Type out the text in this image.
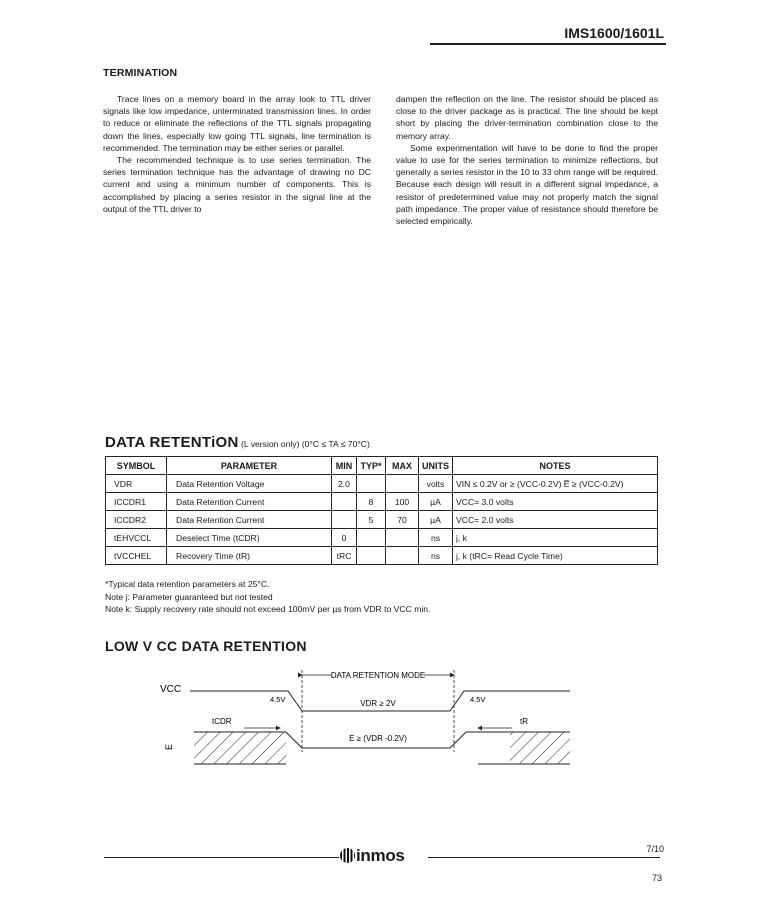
IMS1600/1601L
TERMINATION

Trace lines on a memory board in the array look to TTL driver signals like low impedance, unterminated transmission lines. In order to reduce or eliminate the reflections of the TTL signals propagating down the lines, especially low going TTL signals, line termination is recommended. The termination may be either series or parallel.

The recommended technique is to use series termination. The series termination technique has the advantage of drawing no DC current and using a minimum number of components. This is accomplished by placing a series resistor in the signal line at the output of the TTL driver to

dampen the reflection on the line. The resistor should be placed as close to the driver package as is practical. The line should be kept short by placing the driver-termination combination close to the memory array.

Some experimentation will have to be done to find the proper value to use for the series termination to minimize reflections, but generally a series resistor in the 10 to 33 ohm range will be required. Because each design will result in a different signal impedance, a resistor of predetermined value may not properly match the signal path impedance. The proper value of resistance should therefore be selected empirically.

DATA RETENTiON (L version only) (0°C ≤ TA ≤ 70°C)
SYMBOL	PARAMETER	MIN	TYP*	MAX	UNITS	NOTES
VDR	Data Retention Voltage	2.0			volts	VIN ≤ 0.2V or ≥ (VCC-0.2V) E̅ ≥ (VCC-0.2V)
ICCDR1	Data Retention Current		8	100	µA	VCC= 3.0 volts
ICCDR2	Data Retention Current		5	70	µA	VCC= 2.0 volts
tEHVCCL	Deselect Time (tCDR)	0			ns	j, k
tVCCHEL	Recovery Time (tR)	tRC			ns	j, k (tRC= Read Cycle Time)
*Typical data retention parameters at 25°C.
Note j: Parameter guaranteed but not tested
Note k: Supply recovery rate should not exceed 100mV per µs from VDR to VCC min.
LOW V CC DATA RETENTION
VCC
DATA RETENTION MODE
4.5V	4.5V
VDR ≥ 2V
tCDR	tR
E
E ≥ (VDR -0.2V)
inmos	7/10
73
